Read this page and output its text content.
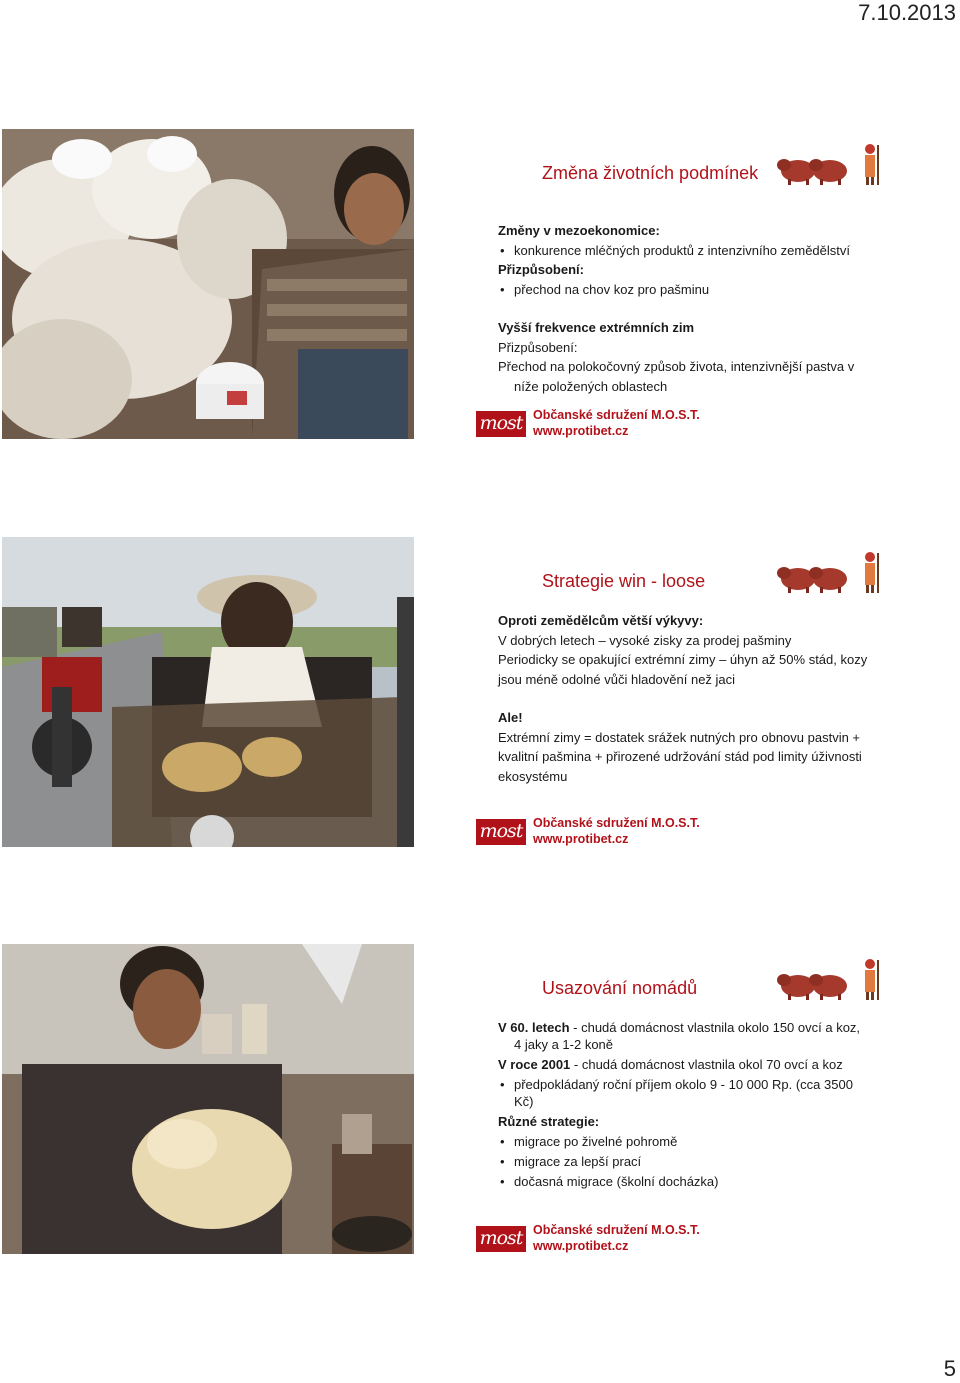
7.10.2013
Změna životních podmínek
Změny v mezoekonomice:
• konkurence mléčných produktů z intenzivního zemědělství
Přizpůsobení:
• přechod na chov koz pro pašminu
Vyšší frekvence extrémních zim
Přizpůsobení:
Přechod na polokočovný způsob života, intenzivnější pastva v níže položených oblastech
most Občanské sdružení M.O.S.T.
www.protibet.cz
Strategie win - loose
Oproti zemědělcům větší výkyvy:
V dobrých letech – vysoké zisky za prodej pašminy
Periodicky se opakující extrémní zimy – úhyn až 50% stád, kozy jsou méně odolné vůči hladovění než jaci
Ale!
Extrémní zimy = dostatek srážek nutných pro obnovu pastvin + kvalitní pašmina + přirozené udržování stád pod limity úživnosti ekosystému
most Občanské sdružení M.O.S.T.
www.protibet.cz
Usazování nomádů
V 60. letech - chudá domácnost vlastnila okolo 150 ovcí a koz, 4 jaky a 1-2 koně
V roce 2001 - chudá domácnost vlastnila okol 70 ovcí a koz
• předpokládaný roční příjem okolo 9 - 10 000 Rp. (cca 3500 Kč)
Různé strategie:
• migrace po živelné pohromě
• migrace za lepší prací
• dočasná migrace (školní docházka)
most Občanské sdružení M.O.S.T.
www.protibet.cz
5
